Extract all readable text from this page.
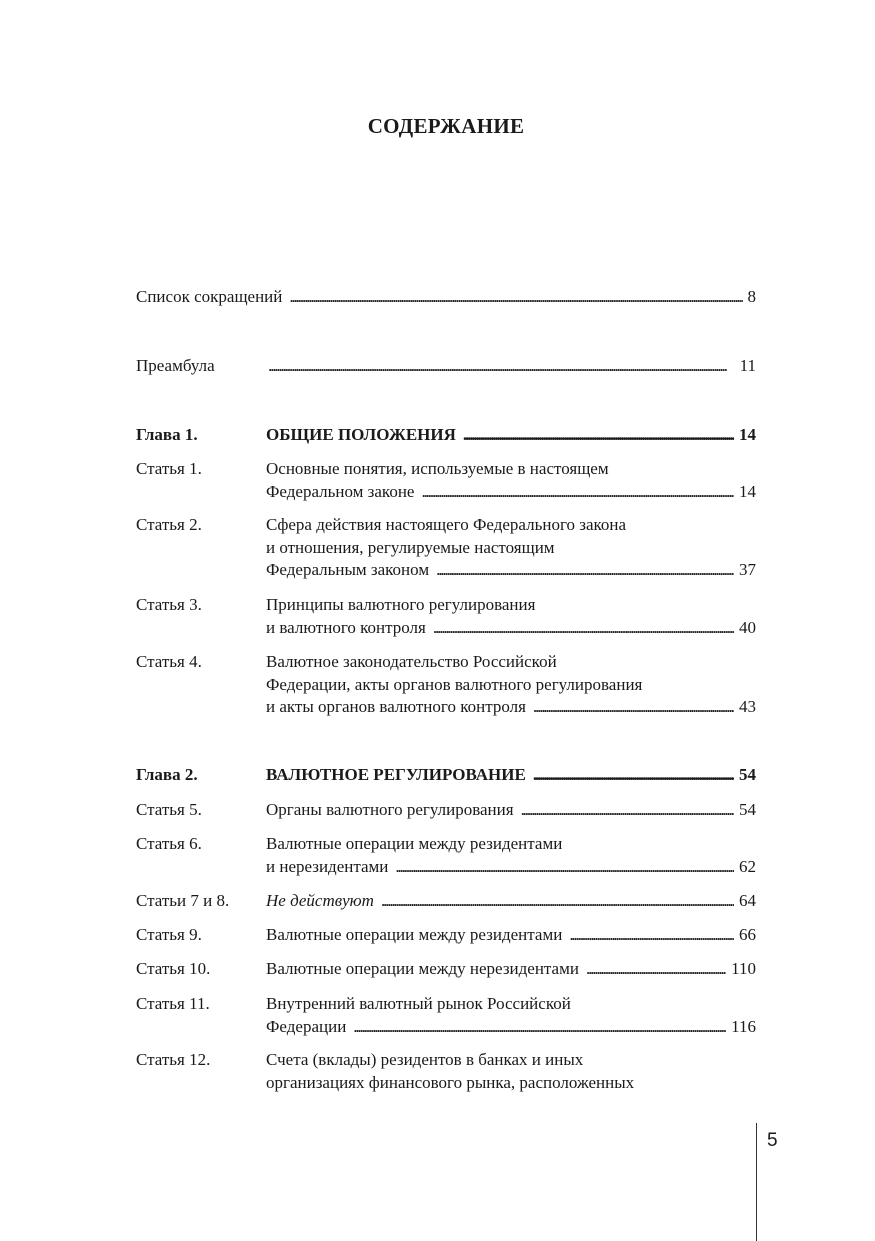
СОДЕРЖАНИЕ
Список сокращений . . .	8
Преамбула . . .	11
Глава 1.	ОБЩИЕ ПОЛОЖЕНИЯ . . .	14
Статья 1.	Основные понятия, используемые в настоящем
Федеральном законе . . .	14
Статья 2.	Сфера действия настоящего Федерального закона
и отношения, регулируемые настоящим
Федеральным законом . . .	37
Статья 3.	Принципы валютного регулирования
и валютного контроля . . .	40
Статья 4.	Валютное законодательство Российской
Федерации, акты органов валютного регулирования
и акты органов валютного контроля . . .	43
Глава 2.	ВАЛЮТНОЕ РЕГУЛИРОВАНИЕ . . .	54
Статья 5.	Органы валютного регулирования . . .	54
Статья 6.	Валютные операции между резидентами
и нерезидентами . . .	62
Статьи 7 и 8. Не действуют . . .	64
Статья 9.	Валютные операции между резидентами . . .	66
Статья 10.	Валютные операции между нерезидентами . . .	110
Статья 11.	Внутренний валютный рынок Российской
Федерации . . .	116
Статья 12.	Счета (вклады) резидентов в банках и иных
организациях финансового рынка, расположенных
5
